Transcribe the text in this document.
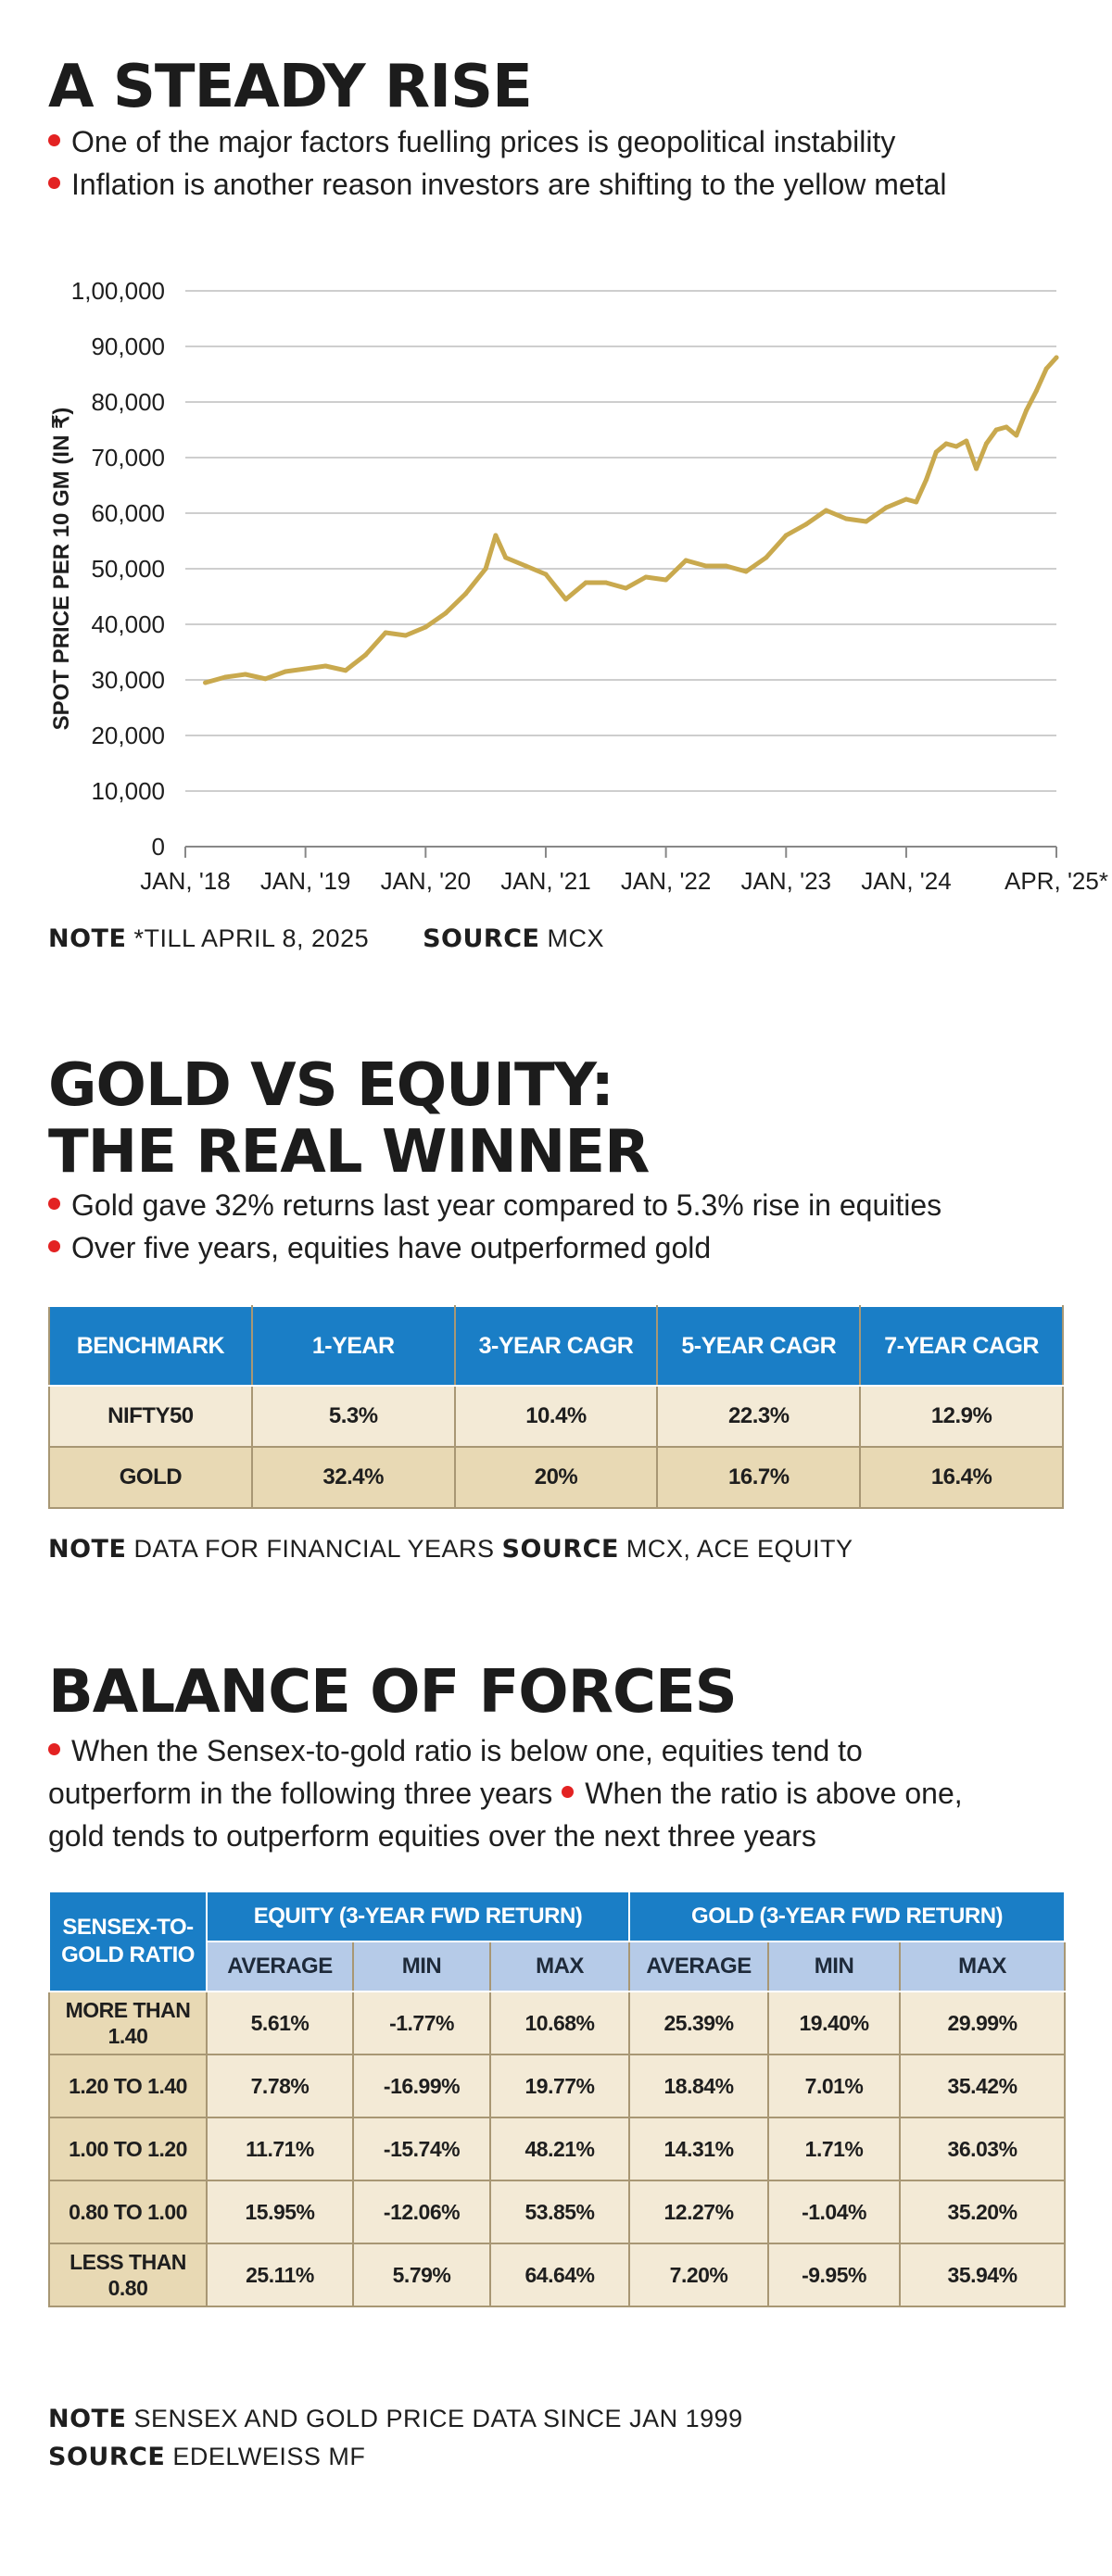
A STEADY RISE
One of the major factors fuelling prices is geopolitical instability
Inflation is another reason investors are shifting to the yellow metal
0
10,000
20,000
30,000
40,000
50,000
60,000
70,000
80,000
90,000
1,00,000
JAN, '18 JAN, '19 JAN, '20 JAN, '21 JAN, '22 JAN, '23 JAN, '24 APR, '25*
SPOT PRICE PER 10 GM (IN ₹)
NOTE *TILL APRIL 8, 2025 SOURCE MCX
GOLD VS EQUITY:
THE REAL WINNER
Gold gave 32% returns last year compared to 5.3% rise in equities
Over five years, equities have outperformed gold
BENCHMARK	1-YEAR	3-YEAR CAGR	5-YEAR CAGR	7-YEAR CAGR
NIFTY50	5.3%	10.4%	22.3%	12.9%
GOLD	32.4%	20%	16.7%	16.4%
NOTE DATA FOR FINANCIAL YEARS SOURCE MCX, ACE EQUITY
BALANCE OF FORCES
When the Sensex-to-gold ratio is below one, equities tend to
outperform in the following three years When the ratio is above one,
gold tends to outperform equities over the next three years
SENSEX-TO-GOLD RATIO	EQUITY (3-YEAR FWD RETURN)			GOLD (3-YEAR FWD RETURN)		
	AVERAGE	MIN	MAX	AVERAGE	MIN	MAX
MORE THAN 1.40	5.61%	-1.77%	10.68%	25.39%	19.40%	29.99%
1.20 TO 1.40	7.78%	-16.99%	19.77%	18.84%	7.01%	35.42%
1.00 TO 1.20	11.71%	-15.74%	48.21%	14.31%	1.71%	36.03%
0.80 TO 1.00	15.95%	-12.06%	53.85%	12.27%	-1.04%	35.20%
LESS THAN 0.80	25.11%	5.79%	64.64%	7.20%	-9.95%	35.94%
NOTE SENSEX AND GOLD PRICE DATA SINCE JAN 1999
SOURCE EDELWEISS MF
